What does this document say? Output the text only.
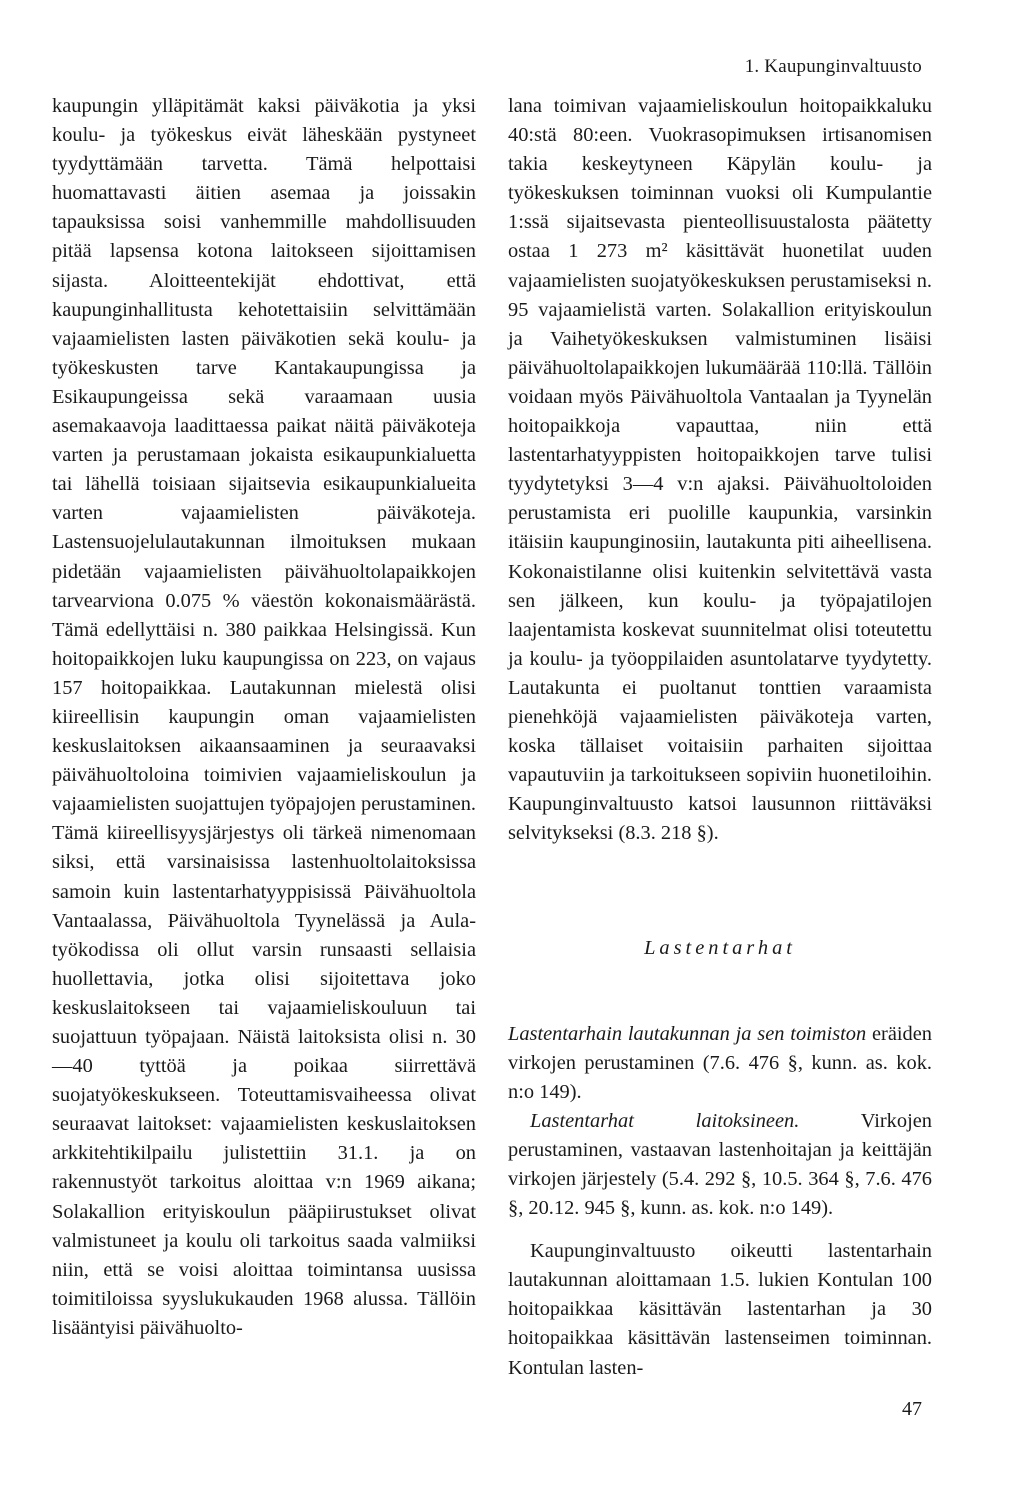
1. Kaupunginvaltuusto

kaupungin ylläpitämät kaksi päiväkotia ja yksi koulu- ja työkeskus eivät läheskään pystyneet tyydyttämään tarvetta. Tämä helpottaisi huomattavasti äitien asemaa ja joissakin tapauksissa soisi vanhemmille mahdollisuuden pitää lapsensa kotona laitokseen sijoittamisen sijasta. Aloitteentekijät ehdottivat, että kaupunginhallitusta kehotettaisiin selvittämään vajaamielisten lasten päiväkotien sekä koulu- ja työkeskusten tarve Kantakaupungissa ja Esikaupungeissa sekä varaamaan uusia asemakaavoja laadittaessa paikat näitä päiväkoteja varten ja perustamaan jokaista esikaupunkialuetta tai lähellä toisiaan sijaitsevia esikaupunkialueita varten vajaamielisten päiväkoteja. Lastensuojelulautakunnan ilmoituksen mukaan pidetään vajaamielisten päivähuoltolapaikkojen tarvearviona 0.075 % väestön kokonaismäärästä. Tämä edellyttäisi n. 380 paikkaa Helsingissä. Kun hoitopaikkojen luku kaupungissa on 223, on vajaus 157 hoitopaikkaa. Lautakunnan mielestä olisi kiireellisin kaupungin oman vajaamielisten keskuslaitoksen aikaansaaminen ja seuraavaksi päivähuoltoloina toimivien vajaamieliskoulun ja vajaamielisten suojattujen työpajojen perustaminen. Tämä kiireellisyysjärjestys oli tärkeä nimenomaan siksi, että varsinaisissa lastenhuoltolaitoksissa samoin kuin lastentarhatyyppisissä Päivähuoltola Vantaalassa, Päivähuoltola Tyynelässä ja Aula-työkodissa oli ollut varsin runsaasti sellaisia huollettavia, jotka olisi sijoitettava joko keskuslaitokseen tai vajaamieliskouluun tai suojattuun työpajaan. Näistä laitoksista olisi n. 30—40 tyttöä ja poikaa siirrettävä suojatyökeskukseen. Toteuttamisvaiheessa olivat seuraavat laitokset: vajaamielisten keskuslaitoksen arkkitehtikilpailu julistettiin 31.1. ja on rakennustyöt tarkoitus aloittaa v:n 1969 aikana; Solakallion erityiskoulun pääpiirustukset olivat valmistuneet ja koulu oli tarkoitus saada valmiiksi niin, että se voisi aloittaa toimintansa uusissa toimitiloissa syyslukukauden 1968 alussa. Tällöin lisääntyisi päivähuolto-

lana toimivan vajaamieliskoulun hoitopaikkaluku 40:stä 80:een. Vuokrasopimuksen irtisanomisen takia keskeytyneen Käpylän koulu- ja työkeskuksen toiminnan vuoksi oli Kumpulantie 1:ssä sijaitsevasta pienteollisuustalosta päätetty ostaa 1 273 m² käsittävät huonetilat uuden vajaamielisten suojatyökeskuksen perustamiseksi n. 95 vajaamielistä varten. Solakallion erityiskoulun ja Vaihetyökeskuksen valmistuminen lisäisi päivähuoltolapaikkojen lukumäärää 110:llä. Tällöin voidaan myös Päivähuoltola Vantaalan ja Tyynelän hoitopaikkoja vapauttaa, niin että lastentarhatyyppisten hoitopaikkojen tarve tulisi tyydytetyksi 3—4 v:n ajaksi. Päivähuoltoloiden perustamista eri puolille kaupunkia, varsinkin itäisiin kaupunginosiin, lautakunta piti aiheellisena. Kokonaistilanne olisi kuitenkin selvitettävä vasta sen jälkeen, kun koulu- ja työpajatilojen laajentamista koskevat suunnitelmat olisi toteutettu ja koulu- ja työoppilaiden asuntolatarve tyydytetty. Lautakunta ei puoltanut tonttien varaamista pienehköjä vajaamielisten päiväkoteja varten, koska tällaiset voitaisiin parhaiten sijoittaa vapautuviin ja tarkoitukseen sopiviin huonetiloihin. Kaupunginvaltuusto katsoi lausunnon riittäväksi selvitykseksi (8.3. 218 §).

Lastentarhat

Lastentarhain lautakunnan ja sen toimiston eräiden virkojen perustaminen (7.6. 476 §, kunn. as. kok. n:o 149).

Lastentarhat laitoksineen. Virkojen perustaminen, vastaavan lastenhoitajan ja keittäjän virkojen järjestely (5.4. 292 §, 10.5. 364 §, 7.6. 476 §, 20.12. 945 §, kunn. as. kok. n:o 149).

Kaupunginvaltuusto oikeutti lastentarhain lautakunnan aloittamaan 1.5. lukien Kontulan 100 hoitopaikkaa käsittävän lastentarhan ja 30 hoitopaikkaa käsittävän lastenseimen toiminnan. Kontulan lasten-

47
